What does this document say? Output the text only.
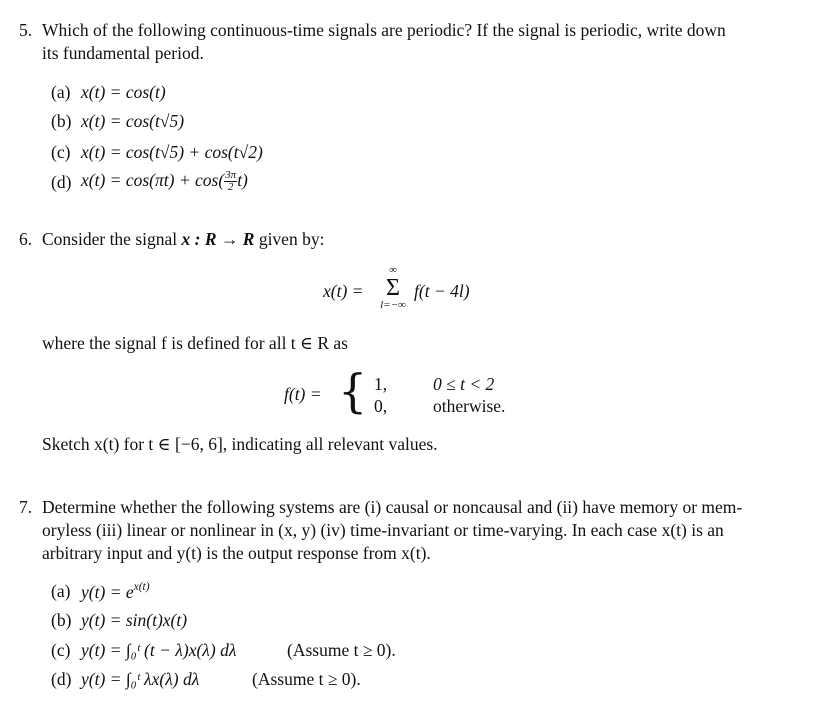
5. Which of the following continuous-time signals are periodic? If the signal is periodic, write down
its fundamental period.
(a) x(t) = cos(t)
(b) x(t) = cos(t√5)
(c) x(t) = cos(t√5) + cos(t√2)
(d) $x(t) = \cos(\pi t) + \cos( \frac{3\pi}{2} t)$
6. Consider the signal x : R → R given by:
x(t) =
∞
Σ
l=−∞
f(t − 4l)
where the signal f is defined for all t ∈ R as
f(t) = { 1,
0,
0 ≤ t < 2
otherwise.
Sketch x(t) for t ∈ [−6, 6], indicating all relevant values.
7. Determine whether the following systems are (i) causal or noncausal and (ii) have memory or mem-
oryless (iii) linear or nonlinear in (x, y) (iv) time-invariant or time-varying. In each case x(t) is an
arbitrary input and y(t) is the output response from x(t).
(a) $y(t) = e^{x(t)}$
(b) y(t) = sin(t)x(t)
(c) y(t) = ∫₀ᵗ (t − λ)x(λ) dλ	(Assume t ≥ 0).
(d) y(t) = ∫₀ᵗ λx(λ) dλ	(Assume t ≥ 0).
